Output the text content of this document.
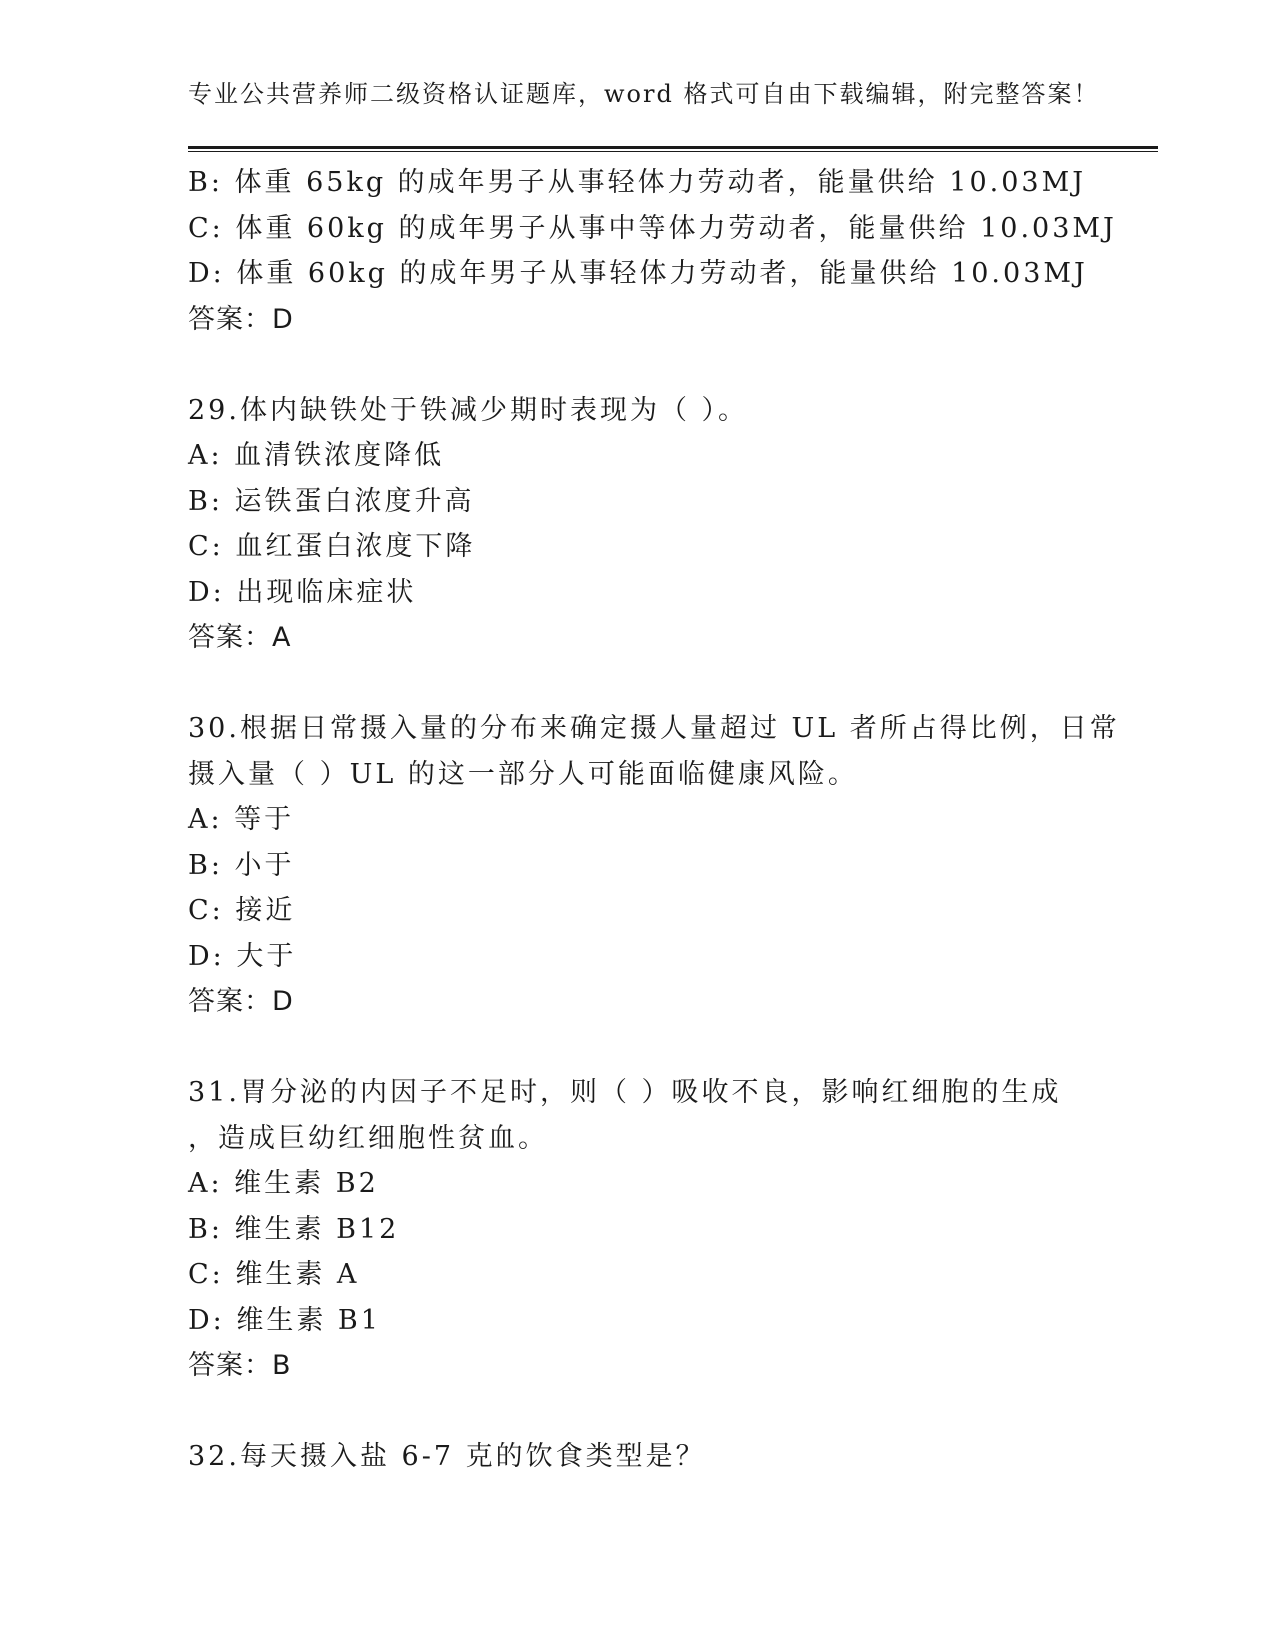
专业公共营养师二级资格认证题库，word 格式可自由下载编辑，附完整答案！
B: 体重 65kg 的成年男子从事轻体力劳动者，能量供给 10.03MJ
C: 体重 60kg 的成年男子从事中等体力劳动者，能量供给 10.03MJ
D: 体重 60kg 的成年男子从事轻体力劳动者，能量供给 10.03MJ
答案：D
29.体内缺铁处于铁减少期时表现为（ ）。
A: 血清铁浓度降低
B: 运铁蛋白浓度升高
C: 血红蛋白浓度下降
D: 出现临床症状
答案：A
30.根据日常摄入量的分布来确定摄人量超过 UL 者所占得比例，日常
摄入量（ ）UL 的这一部分人可能面临健康风险。
A: 等于
B: 小于
C: 接近
D: 大于
答案：D
31.胃分泌的内因子不足时，则（ ）吸收不良，影响红细胞的生成
，造成巨幼红细胞性贫血。
A: 维生素 B2
B: 维生素 B12
C: 维生素 A
D: 维生素 B1
答案：B
32.每天摄入盐 6-7 克的饮食类型是？
